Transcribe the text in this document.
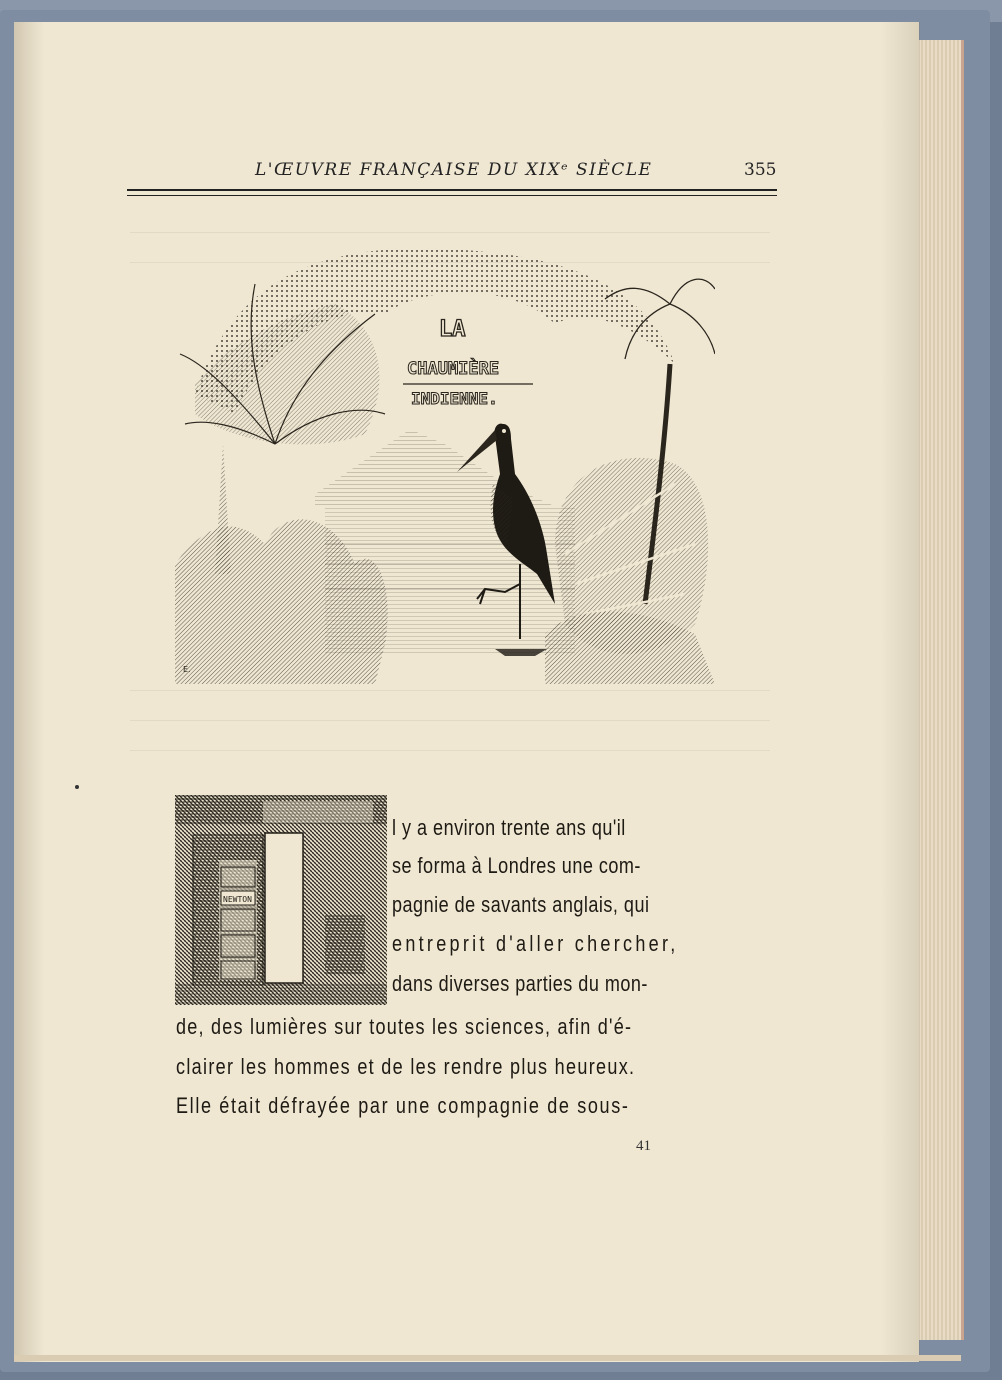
L'ŒUVRE FRANÇAISE DU XIXᵉ SIÈCLE	355
LA
CHAUMIÈRE
INDIENNE.
E.
NEWTON
l y a environ trente ans qu'il
se forma à Londres une com-
pagnie de savants anglais, qui
entreprit d'aller chercher,
dans diverses parties du mon-
de, des lumières sur toutes les sciences, afin d'é-
clairer les hommes et de les rendre plus heureux.
Elle était défrayée par une compagnie de sous-
41
